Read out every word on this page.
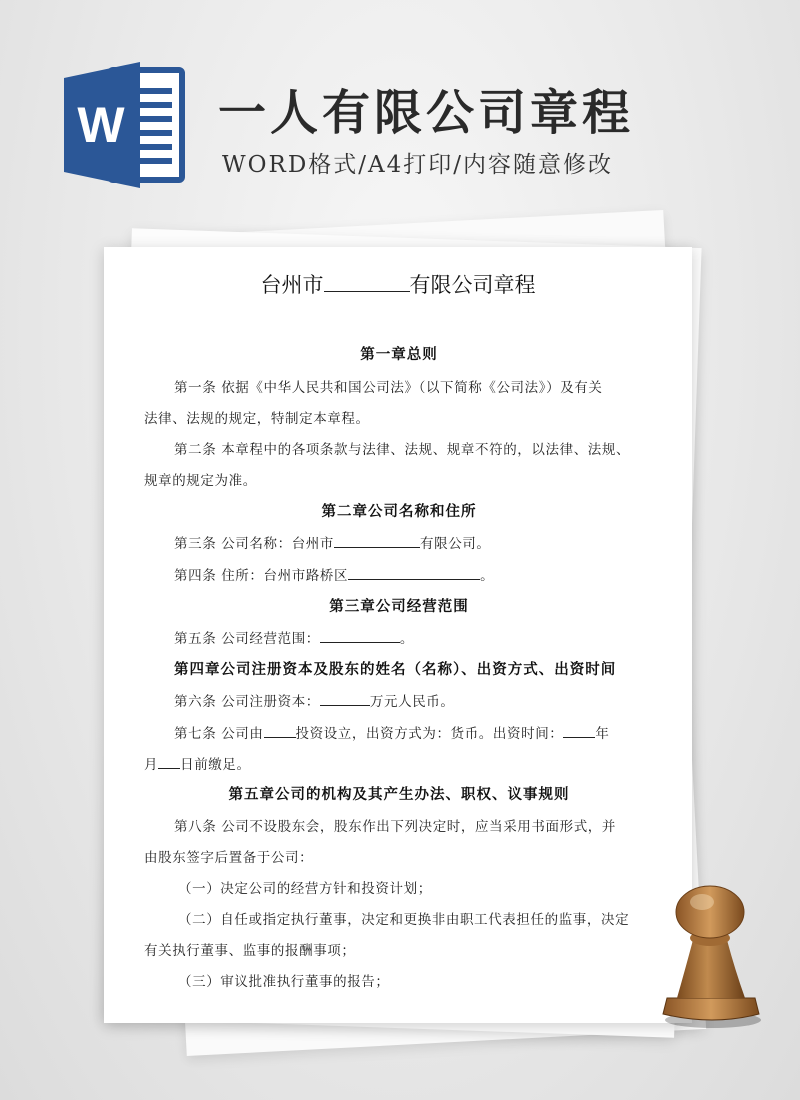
W 一人有限公司章程
WORD格式/A4打印/内容随意修改
台州市	有限公司章程
第一章总则
第一条 依据《中华人民共和国公司法》（以下简称《公司法》）及有关
法律、法规的规定，特制定本章程。
第二条 本章程中的各项条款与法律、法规、规章不符的，以法律、法规、
规章的规定为准。
第二章公司名称和住所
第三条 公司名称：台州市	有限公司。
第四条 住所：台州市路桥区	。
第三章公司经营范围
第五条 公司经营范围：	。
第四章公司注册资本及股东的姓名（名称）、出资方式、出资时间
第六条 公司注册资本：	万元人民币。
第七条 公司由 投资设立，出资方式为：货币。出资时间： 年
月 日前缴足。
第五章公司的机构及其产生办法、职权、议事规则
第八条 公司不设股东会，股东作出下列决定时，应当采用书面形式，并
由股东签字后置备于公司：
（一）决定公司的经营方针和投资计划；
（二）自任或指定执行董事，决定和更换非由职工代表担任的监事，决定
有关执行董事、监事的报酬事项；
（三）审议批准执行董事的报告；
